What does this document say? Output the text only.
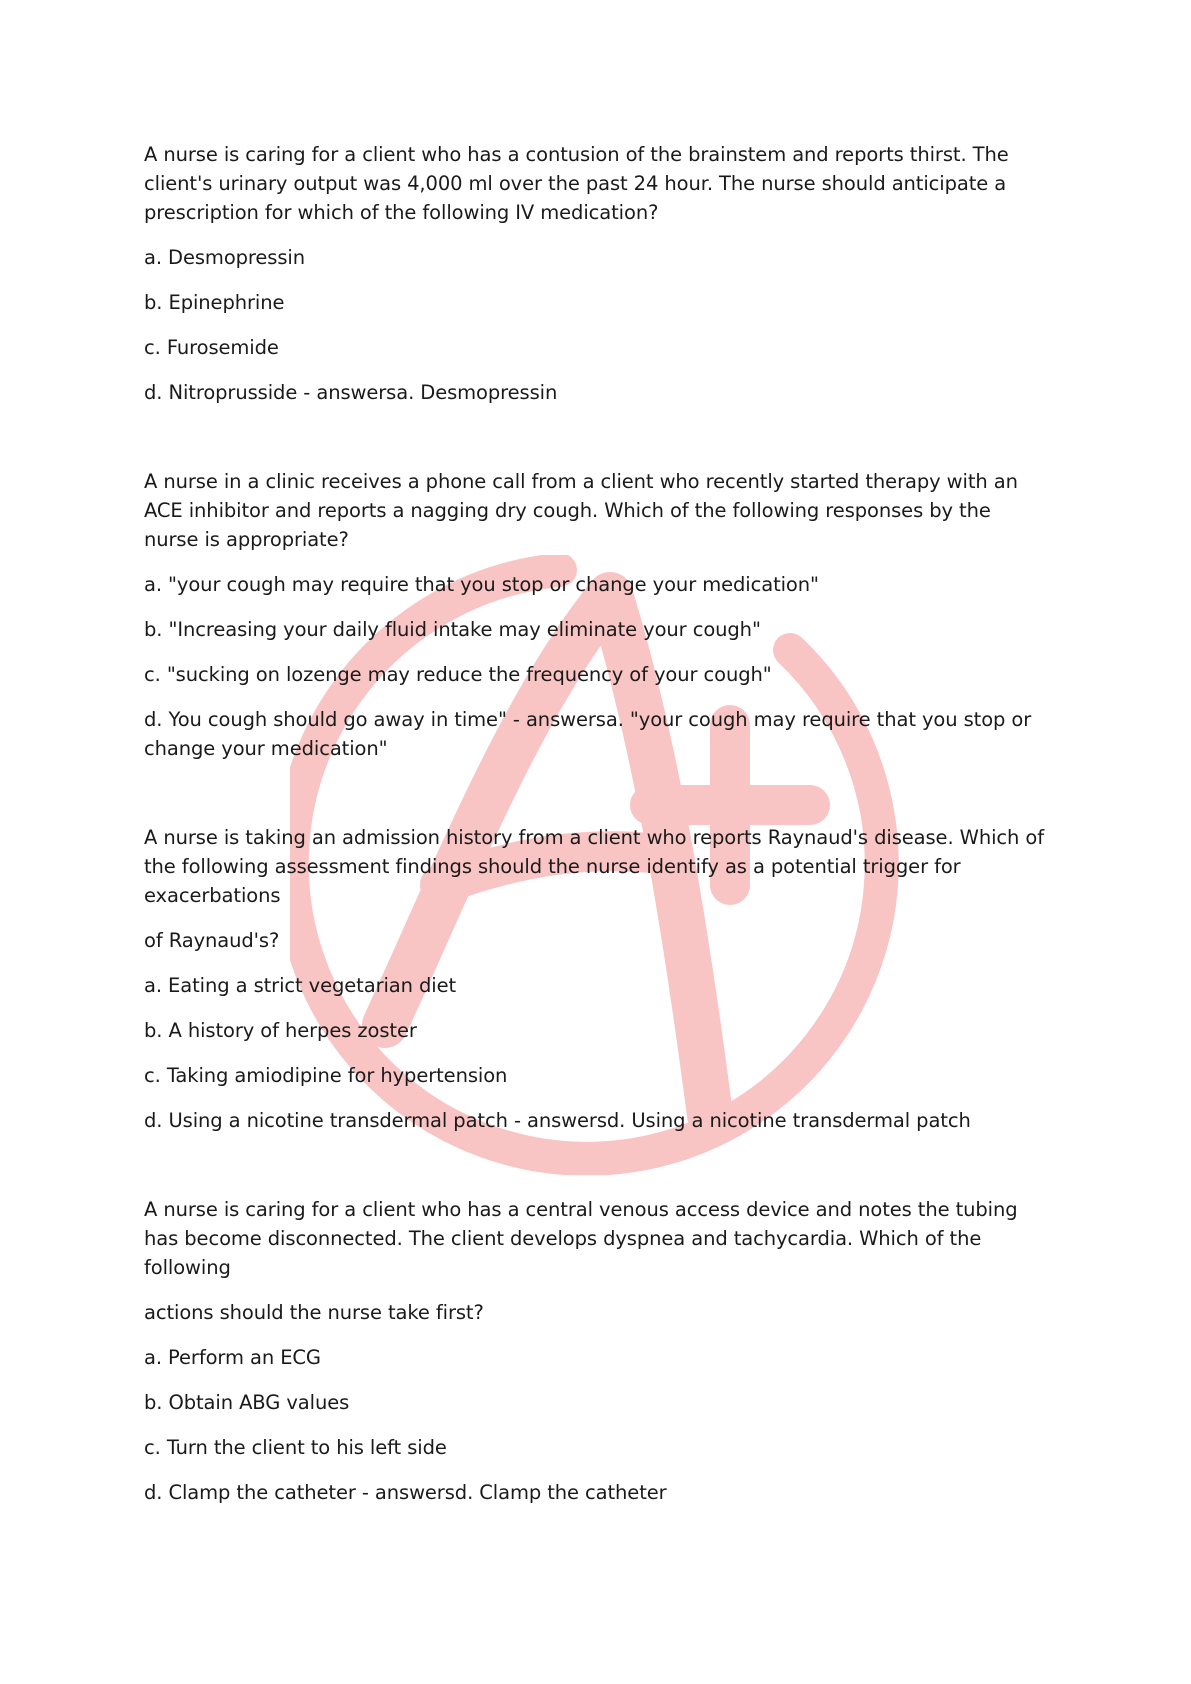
A nurse is caring for a client who has a contusion of the brainstem and reports thirst. The client's urinary output was 4,000 ml over the past 24 hour. The nurse should anticipate a prescription for which of the following IV medication?

a. Desmopressin
b. Epinephrine
c. Furosemide
d. Nitroprusside - answersa. Desmopressin

A nurse in a clinic receives a phone call from a client who recently started therapy with an ACE inhibitor and reports a nagging dry cough. Which of the following responses by the nurse is appropriate?

a. "your cough may require that you stop or change your medication"
b. "Increasing your daily fluid intake may eliminate your cough"
c. "sucking on lozenge may reduce the frequency of your cough"
d. You cough should go away in time" - answersa. "your cough may require that you stop or change your medication"

A nurse is taking an admission history from a client who reports Raynaud's disease. Which of the following assessment findings should the nurse identify as a potential trigger for exacerbations

of Raynaud's?

a. Eating a strict vegetarian diet
b. A history of herpes zoster
c. Taking amiodipine for hypertension
d. Using a nicotine transdermal patch - answersd. Using a nicotine transdermal patch

A nurse is caring for a client who has a central venous access device and notes the tubing has become disconnected. The client develops dyspnea and tachycardia. Which of the following

actions should the nurse take first?

a. Perform an ECG
b. Obtain ABG values
c. Turn the client to his left side
d. Clamp the catheter - answersd. Clamp the catheter
